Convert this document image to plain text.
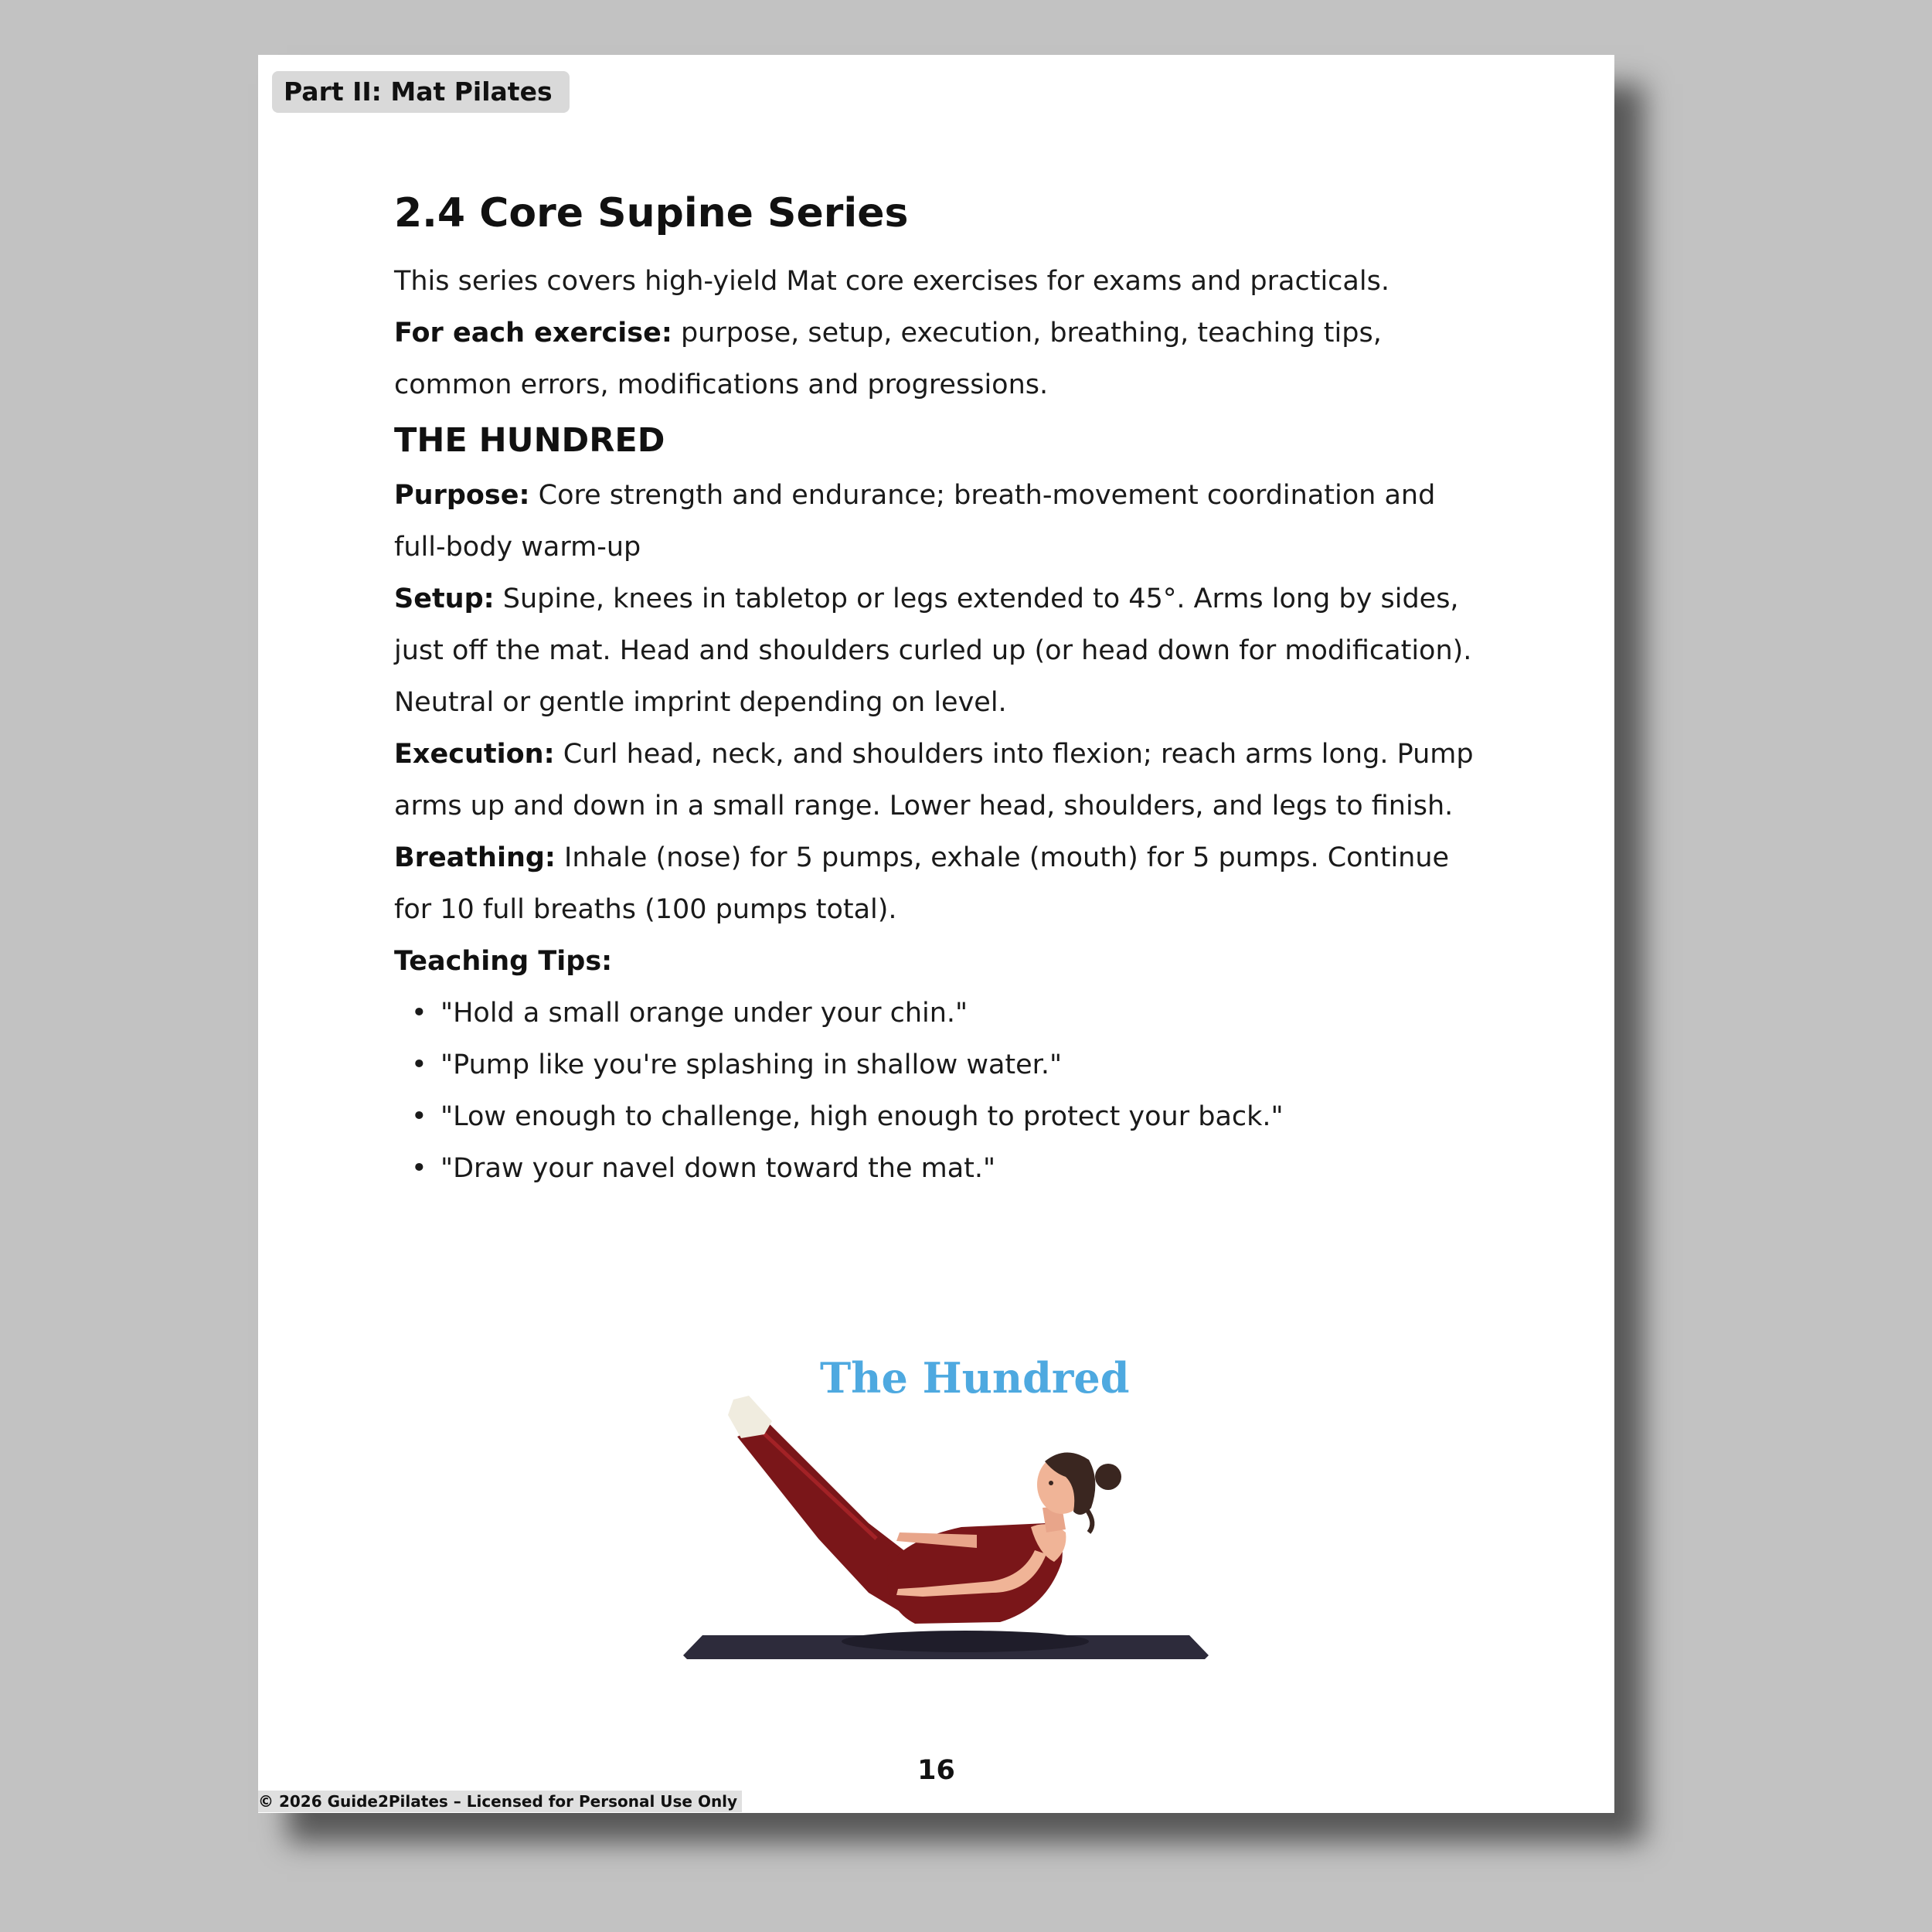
Part II: Mat Pilates
2.4 Core Supine Series

This series covers high-yield Mat core exercises for exams and practicals.

For each exercise: purpose, setup, execution, breathing, teaching tips, common errors, modifications and progressions.

THE HUNDRED

Purpose: Core strength and endurance; breath-movement coordination and full-body warm-up

Setup: Supine, knees in tabletop or legs extended to 45°. Arms long by sides, just off the mat. Head and shoulders curled up (or head down for modification). Neutral or gentle imprint depending on level.

Execution: Curl head, neck, and shoulders into flexion; reach arms long. Pump arms up and down in a small range. Lower head, shoulders, and legs to finish.

Breathing: Inhale (nose) for 5 pumps, exhale (mouth) for 5 pumps. Continue for 10 full breaths (100 pumps total).

Teaching Tips:

• "Hold a small orange under your chin."
• "Pump like you're splashing in shallow water."
• "Low enough to challenge, high enough to protect your back."
• "Draw your navel down toward the mat."
The Hundred
16
© 2026 Guide2Pilates – Licensed for Personal Use Only
